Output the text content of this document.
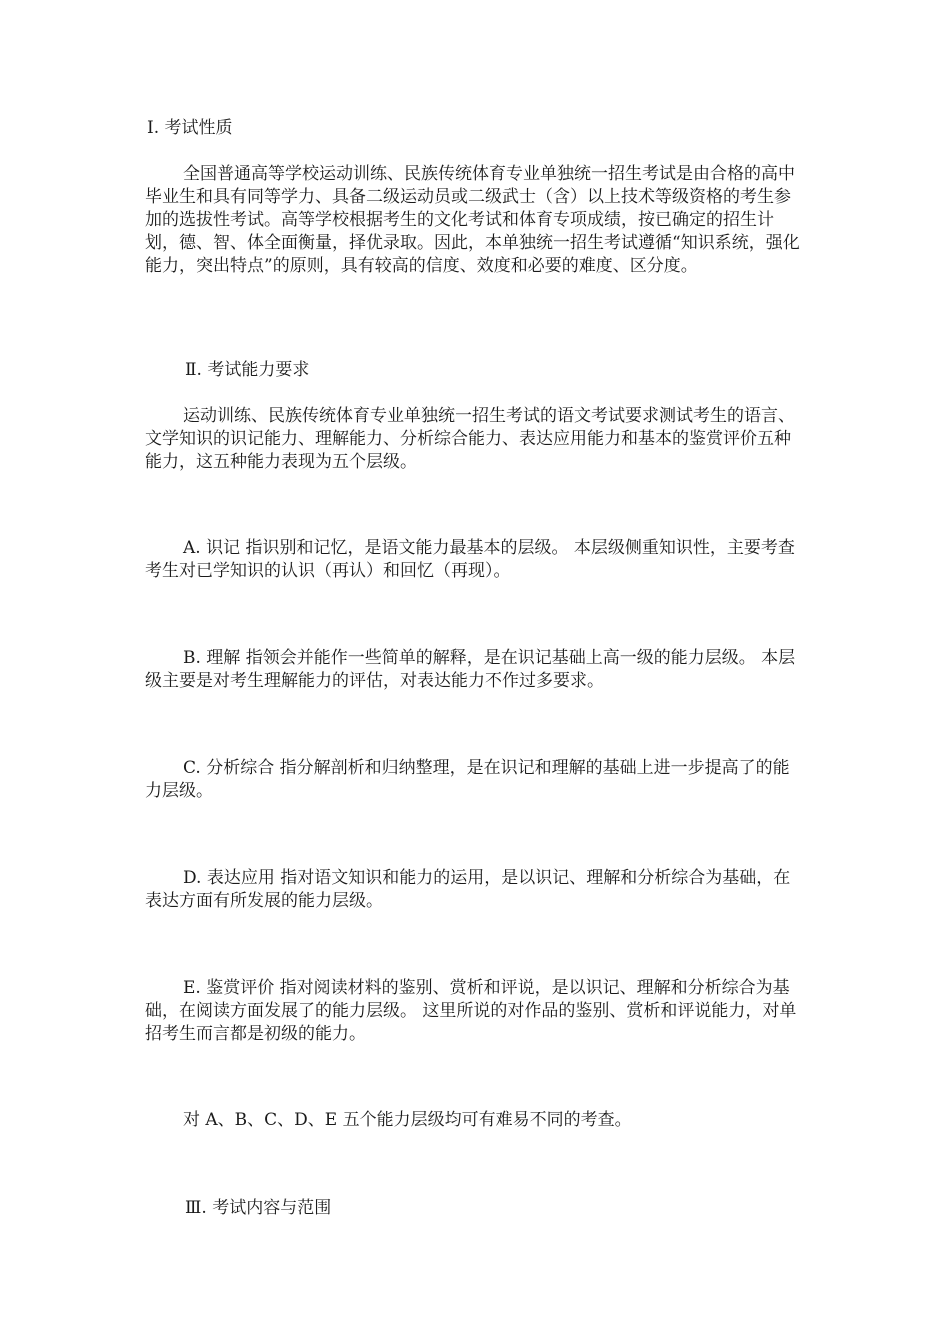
Ⅰ. 考试性质

全国普通高等学校运动训练、民族传统体育专业单独统一招生考试是由合格的高中毕业生和具有同等学力、具备二级运动员或二级武士（含）以上技术等级资格的考生参加的选拔性考试。高等学校根据考生的文化考试和体育专项成绩，按已确定的招生计划，德、智、体全面衡量，择优录取。因此，本单独统一招生考试遵循“知识系统，强化能力，突出特点”的原则，具有较高的信度、效度和必要的难度、区分度。

Ⅱ. 考试能力要求

运动训练、民族传统体育专业单独统一招生考试的语文考试要求测试考生的语言、文学知识的识记能力、理解能力、分析综合能力、表达应用能力和基本的鉴赏评价五种能力，这五种能力表现为五个层级。

A. 识记 指识别和记忆，是语文能力最基本的层级。 本层级侧重知识性，主要考查考生对已学知识的认识（再认）和回忆（再现）。

B. 理解 指领会并能作一些简单的解释，是在识记基础上高一级的能力层级。 本层级主要是对考生理解能力的评估，对表达能力不作过多要求。

C. 分析综合 指分解剖析和归纳整理，是在识记和理解的基础上进一步提高了的能力层级。

D. 表达应用 指对语文知识和能力的运用，是以识记、理解和分析综合为基础，在表达方面有所发展的能力层级。

E. 鉴赏评价 指对阅读材料的鉴别、赏析和评说，是以识记、理解和分析综合为基础，在阅读方面发展了的能力层级。 这里所说的对作品的鉴别、赏析和评说能力，对单招考生而言都是初级的能力。

对 A、B、C、D、E 五个能力层级均可有难易不同的考查。

Ⅲ. 考试内容与范围
